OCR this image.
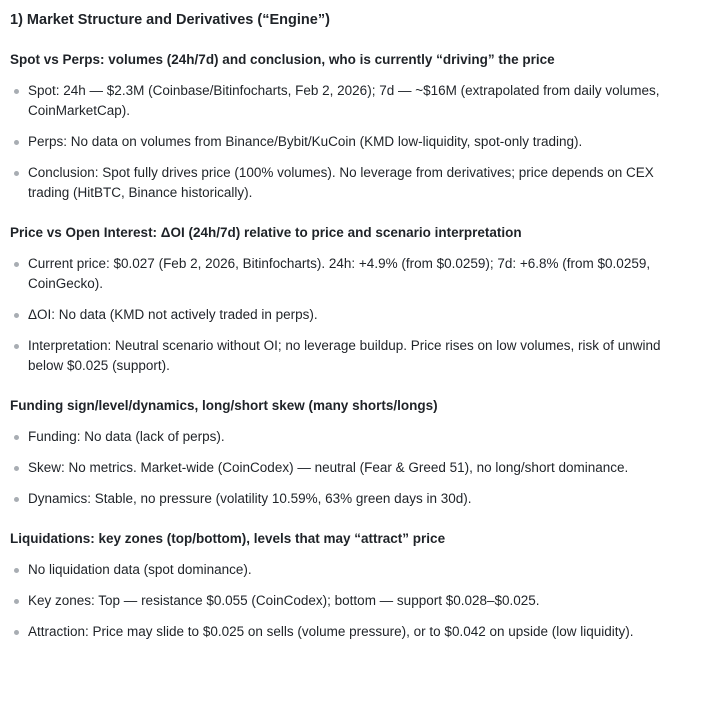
1) Market Structure and Derivatives (“Engine”)
Spot vs Perps: volumes (24h/7d) and conclusion, who is currently “driving” the price
Spot: 24h — $2.3M (Coinbase/Bitinfocharts, Feb 2, 2026); 7d — ~$16M (extrapolated from daily volumes, CoinMarketCap).
Perps: No data on volumes from Binance/Bybit/KuCoin (KMD low-liquidity, spot-only trading).
Conclusion: Spot fully drives price (100% volumes). No leverage from derivatives; price depends on CEX trading (HitBTC, Binance historically).
Price vs Open Interest: ΔOI (24h/7d) relative to price and scenario interpretation
Current price: $0.027 (Feb 2, 2026, Bitinfocharts). 24h: +4.9% (from $0.0259); 7d: +6.8% (from $0.0259, CoinGecko).
ΔOI: No data (KMD not actively traded in perps).
Interpretation: Neutral scenario without OI; no leverage buildup. Price rises on low volumes, risk of unwind below $0.025 (support).
Funding sign/level/dynamics, long/short skew (many shorts/longs)
Funding: No data (lack of perps).
Skew: No metrics. Market-wide (CoinCodex) — neutral (Fear & Greed 51), no long/short dominance.
Dynamics: Stable, no pressure (volatility 10.59%, 63% green days in 30d).
Liquidations: key zones (top/bottom), levels that may “attract” price
No liquidation data (spot dominance).
Key zones: Top — resistance $0.055 (CoinCodex); bottom — support $0.028–$0.025.
Attraction: Price may slide to $0.025 on sells (volume pressure), or to $0.042 on upside (low liquidity).
